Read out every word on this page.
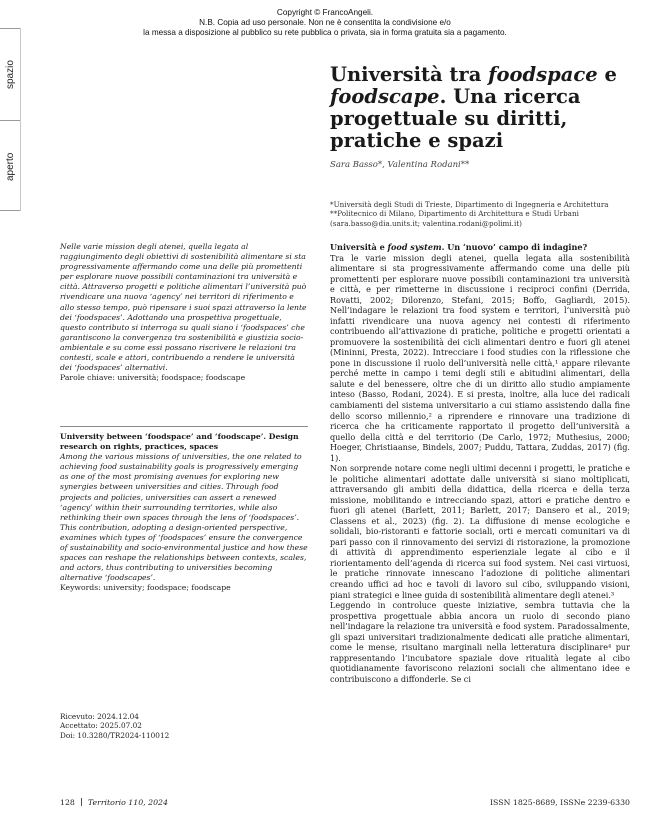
Copyright © FrancoAngeli.
N.B. Copia ad uso personale. Non ne è consentita la condivisione e/o
la messa a disposizione al pubblico su rete pubblica o privata, sia in forma gratuita sia a pagamento.
spazio
aperto
Università tra foodspace e foodscape. Una ricerca progettuale su diritti, pratiche e spazi
Sara Basso*, Valentina Rodani**
*Università degli Studi di Trieste, Dipartimento di Ingegneria e Architettura
**Politecnico di Milano, Dipartimento di Architettura e Studi Urbani
(sara.basso@dia.units.it; valentina.rodani@polimi.it)
Nelle varie mission degli atenei, quella legata al raggiungimento degli obiettivi di sostenibilità alimentare si sta progressivamente affermando come una delle più promettenti per esplorare nuove possibili contaminazioni tra università e città. Attraverso progetti e politiche alimentari l’università può rivendicare una nuova ‘agency’ nei territori di riferimento e allo stesso tempo, può ripensare i suoi spazi attraverso la lente dei ‘foodspaces’. Adottando una prospettiva progettuale, questo contributo si interroga su quali siano i ‘foodspaces’ che garantiscono la convergenza tra sostenibilità e giustizia socio-ambientale e su come essi possano riscrivere le relazioni tra contesti, scale e attori, contribuendo a rendere le università dei ‘foodspaces’ alternativi.
Parole chiave: università; foodspace; foodscape
University between ‘foodspace’ and ‘foodscape’. Design research on rights, practices, spaces
Among the various missions of universities, the one related to achieving food sustainability goals is progressively emerging as one of the most promising avenues for exploring new synergies between universities and cities. Through food projects and policies, universities can assert a renewed ‘agency’ within their surrounding territories, while also rethinking their own spaces through the lens of ‘foodspaces’. This contribution, adopting a design-oriented perspective, examines which types of ‘foodspaces’ ensure the convergence of sustainability and socio-environmental justice and how these spaces can reshape the relationships between contexts, scales, and actors, thus contributing to universities becoming alternative ‘foodscapes’.
Keywords: university; foodspace; foodscape
Ricevuto: 2024.12.04
Accettato: 2025.07.02
Doi: 10.3280/TR2024-110012
Università e food system. Un ‘nuovo’ campo di indagine?

Tra le varie mission degli atenei, quella legata alla sostenibilità alimentare si sta progressivamente affermando come una delle più promettenti per esplorare nuove possibili contaminazioni tra università e città, e per rimetterne in discussione i reciproci confini (Derrida, Rovatti, 2002; Dilorenzo, Stefani, 2015; Boffo, Gagliardi, 2015). Nell’indagare le relazioni tra food system e territori, l’università può infatti rivendicare una nuova agency nei contesti di riferimento contribuendo all’attivazione di pratiche, politiche e progetti orientati a promuovere la sostenibilità dei cicli alimentari dentro e fuori gli atenei (Mininni, Presta, 2022). Intrecciare i food studies con la riflessione che pone in discussione il ruolo dell’università nelle città,¹ appare rilevante perché mette in campo i temi degli stili e abitudini alimentari, della salute e del benessere, oltre che di un diritto allo studio ampiamente inteso (Basso, Rodani, 2024). E si presta, inoltre, alla luce dei radicali cambiamenti del sistema universitario a cui stiamo assistendo dalla fine dello scorso millennio,² a riprendere e rinnovare una tradizione di ricerca che ha criticamente rapportato il progetto dell’università a quello della città e del territorio (De Carlo, 1972; Muthesius, 2000; Hoeger, Christiaanse, Bindels, 2007; Puddu, Tattara, Zuddas, 2017) (fig. 1).

Non sorprende notare come negli ultimi decenni i progetti, le pratiche e le politiche alimentari adottate dalle università si siano moltiplicati, attraversando gli ambiti della didattica, della ricerca e della terza missione, mobilitando e intrecciando spazi, attori e pratiche dentro e fuori gli atenei (Barlett, 2011; Barlett, 2017; Dansero et al., 2019; Classens et al., 2023) (fig. 2). La diffusione di mense ecologiche e solidali, bio-ristoranti e fattorie sociali, orti e mercati comunitari va di pari passo con il rinnovamento dei servizi di ristorazione, la promozione di attività di apprendimento esperienziale legate al cibo e il riorientamento dell’agenda di ricerca sui food system. Nei casi virtuosi, le pratiche rinnovate innescano l’adozione di politiche alimentari creando uffici ad hoc e tavoli di lavoro sul cibo, sviluppando visioni, piani strategici e linee guida di sostenibilità alimentare degli atenei.³

Leggendo in controluce queste iniziative, sembra tuttavia che la prospettiva progettuale abbia ancora un ruolo di secondo piano nell’indagare la relazione tra università e food system. Paradossalmente, gli spazi universitari tradizionalmente dedicati alle pratiche alimentari, come le mense, risultano marginali nella letteratura disciplinare⁴ pur rappresentando l’incubatore spaziale dove ritualità legate al cibo quotidianamente favoriscono relazioni sociali che alimentano idee e contribuiscono a diffonderle. Se ci

128 Territorio 110, 2024	ISSN 1825-8689, ISSNe 2239-6330
